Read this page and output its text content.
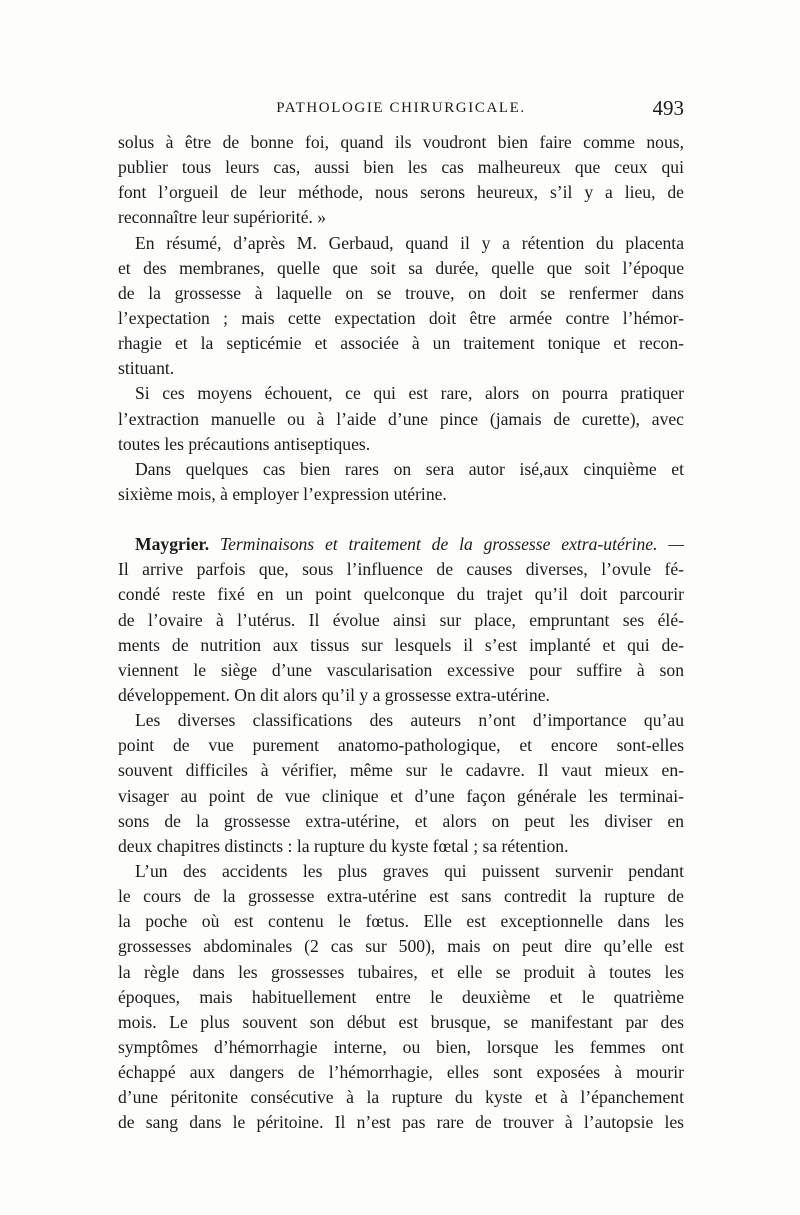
PATHOLOGIE CHIRURGICALE.	493
solus à être de bonne foi, quand ils voudront bien faire comme nous,
publier tous leurs cas, aussi bien les cas malheureux que ceux qui
font l’orgueil de leur méthode, nous serons heureux, s’il y a lieu, de
reconnaître leur supériorité. »
En résumé, d’après M. Gerbaud, quand il y a rétention du placenta
et des membranes, quelle que soit sa durée, quelle que soit l’époque
de la grossesse à laquelle on se trouve, on doit se renfermer dans
l’expectation ; mais cette expectation doit être armée contre l’hémor-
rhagie et la septicémie et associée à un traitement tonique et recon-
stituant.
Si ces moyens échouent, ce qui est rare, alors on pourra pratiquer
l’extraction manuelle ou à l’aide d’une pince (jamais de curette), avec
toutes les précautions antiseptiques.
Dans quelques cas bien rares on sera autor isé,aux cinquième et
sixième mois, à employer l’expression utérine.
Maygrier. Terminaisons et traitement de la grossesse extra-utérine. —
Il arrive parfois que, sous l’influence de causes diverses, l’ovule fé-
condé reste fixé en un point quelconque du trajet qu’il doit parcourir
de l’ovaire à l’utérus. Il évolue ainsi sur place, empruntant ses élé-
ments de nutrition aux tissus sur lesquels il s’est implanté et qui de-
viennent le siège d’une vascularisation excessive pour suffire à son
développement. On dit alors qu’il y a grossesse extra-utérine.
Les diverses classifications des auteurs n’ont d’importance qu’au
point de vue purement anatomo-pathologique, et encore sont-elles
souvent difficiles à vérifier, même sur le cadavre. Il vaut mieux en-
visager au point de vue clinique et d’une façon générale les terminai-
sons de la grossesse extra-utérine, et alors on peut les diviser en
deux chapitres distincts : la rupture du kyste fœtal ; sa rétention.
L’un des accidents les plus graves qui puissent survenir pendant
le cours de la grossesse extra-utérine est sans contredit la rupture de
la poche où est contenu le fœtus. Elle est exceptionnelle dans les
grossesses abdominales (2 cas sur 500), mais on peut dire qu’elle est
la règle dans les grossesses tubaires, et elle se produit à toutes les
époques, mais habituellement entre le deuxième et le quatrième
mois. Le plus souvent son début est brusque, se manifestant par des
symptômes d’hémorrhagie interne, ou bien, lorsque les femmes ont
échappé aux dangers de l’hémorrhagie, elles sont exposées à mourir
d’une péritonite consécutive à la rupture du kyste et à l’épanchement
de sang dans le péritoine. Il n’est pas rare de trouver à l’autopsie les
